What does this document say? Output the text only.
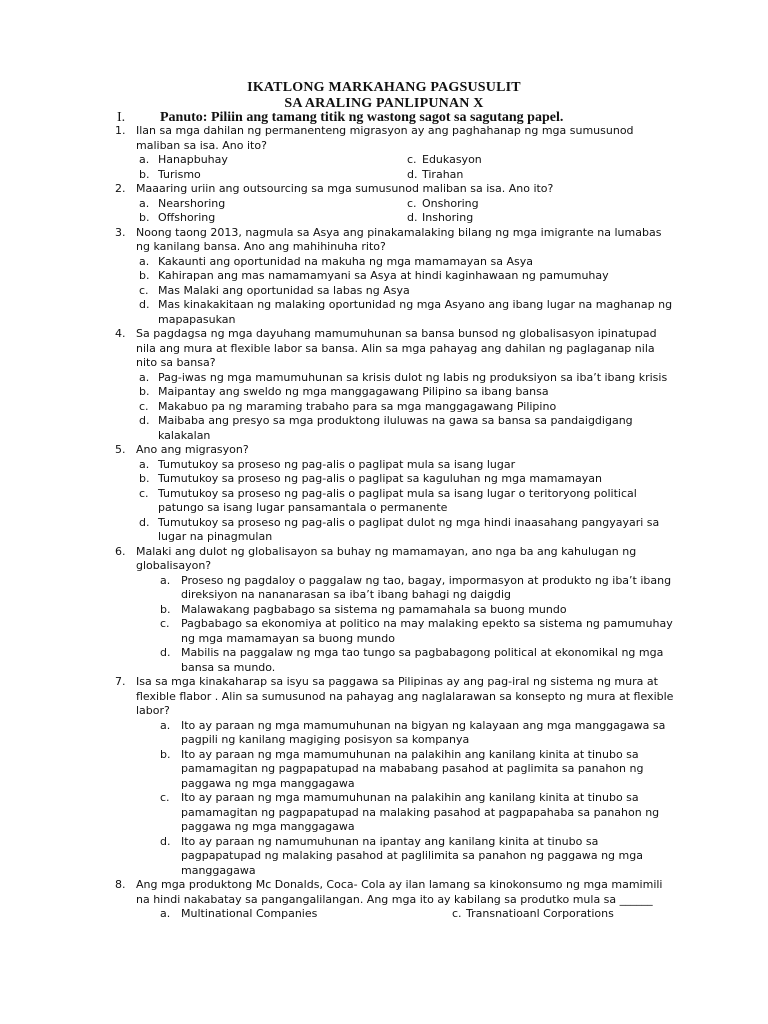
IKATLONG MARKAHANG PAGSUSULIT
SA ARALING PANLIPUNAN X
I. Panuto: Piliin ang tamang titik ng wastong sagot sa sagutang papel.
1. Ilan sa mga dahilan ng permanenteng migrasyon ay ang paghahanap ng mga sumusunod maliban sa isa. Ano ito?
a. Hanapbuhay	c. Edukasyon
b. Turismo	d. Tirahan
2. Maaaring uriin ang outsourcing sa mga sumusunod maliban sa isa. Ano ito?
a. Nearshoring	c. Onshoring
b. Offshoring	d. Inshoring
3. Noong taong 2013, nagmula sa Asya ang pinakamalaking bilang ng mga imigrante na lumabas ng kanilang bansa. Ano ang mahihinuha rito?
a. Kakaunti ang oportunidad na makuha ng mga mamamayan sa Asya
b. Kahirapan ang mas namamamyani sa Asya at hindi kaginhawaan ng pamumuhay
c. Mas Malaki ang oportunidad sa labas ng Asya
d. Mas kinakakitaan ng malaking oportunidad ng mga Asyano ang ibang lugar na maghanap ng mapapasukan
4. Sa pagdagsa ng mga dayuhang mamumuhunan sa bansa bunsod ng globalisasyon ipinatupad nila ang mura at flexible labor sa bansa. Alin sa mga pahayag ang dahilan ng paglaganap nila nito sa bansa?
a. Pag-iwas ng mga mamumuhunan sa krisis dulot ng labis ng produksiyon sa iba’t ibang krisis
b. Maipantay ang sweldo ng mga manggagawang Pilipino sa ibang bansa
c. Makabuo pa ng maraming trabaho para sa mga manggagawang Pilipino
d. Maibaba ang presyo sa mga produktong iluluwas na gawa sa bansa sa pandaigdigang kalakalan
5. Ano ang migrasyon?
a. Tumutukoy sa proseso ng pag-alis o paglipat mula sa isang lugar
b. Tumutukoy sa proseso ng pag-alis o paglipat sa kaguluhan ng mga mamamayan
c. Tumutukoy sa proseso ng pag-alis o paglipat mula sa isang lugar o teritoryong political patungo sa isang lugar pansamantala o permanente
d. Tumutukoy sa proseso ng pag-alis o paglipat dulot ng mga hindi inaasahang pangyayari sa lugar na pinagmulan
6. Malaki ang dulot ng globalisayon sa buhay ng mamamayan, ano nga ba ang kahulugan ng globalisayon?
a. Proseso ng pagdaloy o paggalaw ng tao, bagay, impormasyon at produkto ng iba’t ibang direksiyon na nananarasan sa iba’t ibang bahagi ng daigdig
b. Malawakang pagbabago sa sistema ng pamamahala sa buong mundo
c. Pagbabago sa ekonomiya at politico na may malaking epekto sa sistema ng pamumuhay ng mga mamamayan sa buong mundo
d. Mabilis na paggalaw ng mga tao tungo sa pagbabagong political at ekonomikal ng mga bansa sa mundo.
7. Isa sa mga kinakaharap sa isyu sa paggawa sa Pilipinas ay ang pag-iral ng sistema ng mura at flexible flabor . Alin sa sumusunod na pahayag ang naglalarawan sa konsepto ng mura at flexible labor?
a. Ito ay paraan ng mga mamumuhunan na bigyan ng kalayaan ang mga manggagawa sa pagpili ng kanilang magiging posisyon sa kompanya
b. Ito ay paraan ng mga mamumuhunan na palakihin ang kanilang kinita at tinubo sa pamamagitan ng pagpapatupad na mababang pasahod at paglimita sa panahon ng paggawa ng mga manggagawa
c. Ito ay paraan ng mga mamumuhunan na palakihin ang kanilang kinita at tinubo sa pamamagitan ng pagpapatupad na malaking pasahod at pagpapahaba sa panahon ng paggawa ng mga manggagawa
d. Ito ay paraan ng namumuhunan na ipantay ang kanilang kinita at tinubo sa pagpapatupad ng malaking pasahod at paglilimita sa panahon ng paggawa ng mga manggagawa
8. Ang mga produktong Mc Donalds, Coca- Cola ay ilan lamang sa kinokonsumo ng mga mamimili na hindi nakabatay sa pangangalilangan. Ang mga ito ay kabilang sa produtko mula sa ______
a. Multinational Companies	c. Transnatioanl Corporations
